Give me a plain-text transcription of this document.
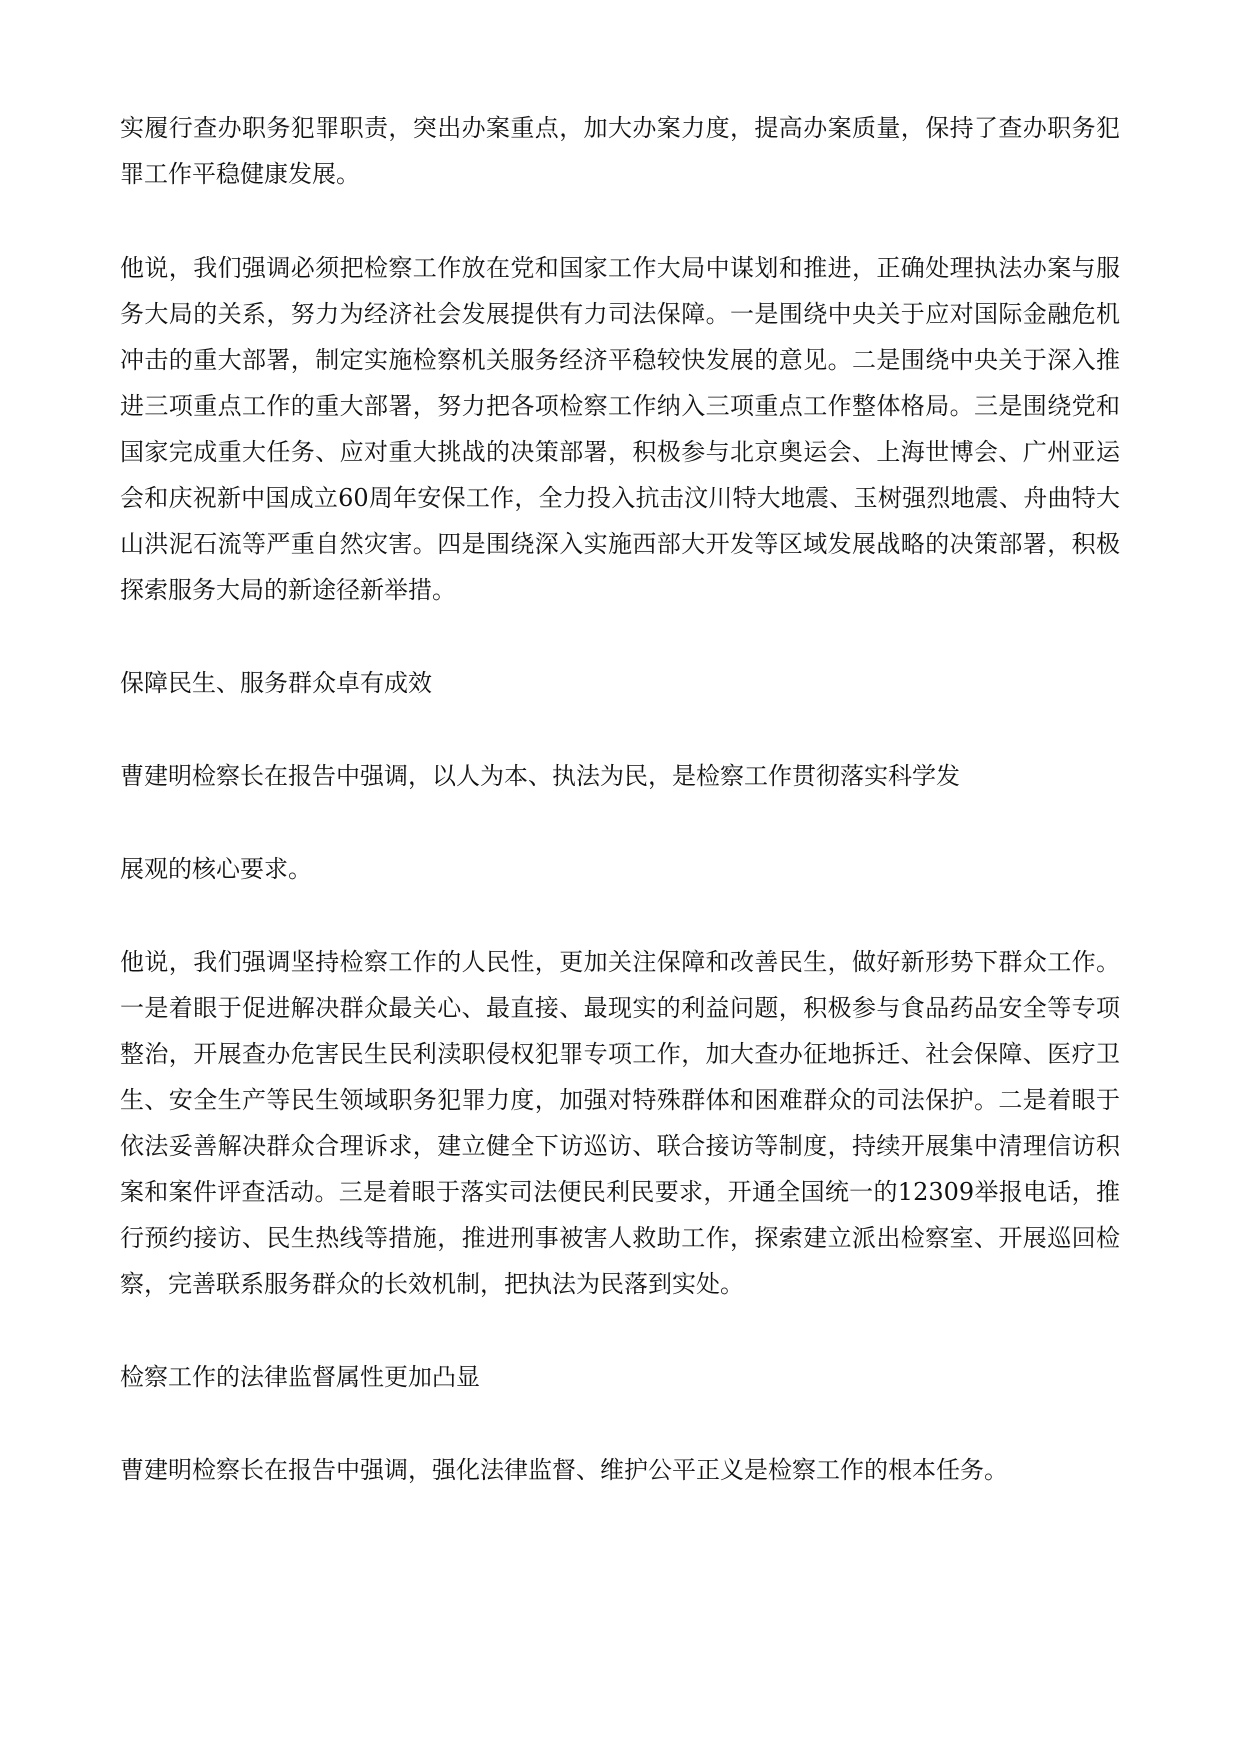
实履行查办职务犯罪职责，突出办案重点，加大办案力度，提高办案质量，保持了查办职务犯罪工作平稳健康发展。

他说，我们强调必须把检察工作放在党和国家工作大局中谋划和推进，正确处理执法办案与服务大局的关系，努力为经济社会发展提供有力司法保障。一是围绕中央关于应对国际金融危机冲击的重大部署，制定实施检察机关服务经济平稳较快发展的意见。二是围绕中央关于深入推进三项重点工作的重大部署，努力把各项检察工作纳入三项重点工作整体格局。三是围绕党和国家完成重大任务、应对重大挑战的决策部署，积极参与北京奥运会、上海世博会、广州亚运会和庆祝新中国成立60周年安保工作，全力投入抗击汶川特大地震、玉树强烈地震、舟曲特大山洪泥石流等严重自然灾害。四是围绕深入实施西部大开发等区域发展战略的决策部署，积极探索服务大局的新途径新举措。

保障民生、服务群众卓有成效

曹建明检察长在报告中强调，以人为本、执法为民，是检察工作贯彻落实科学发

展观的核心要求。

他说，我们强调坚持检察工作的人民性，更加关注保障和改善民生，做好新形势下群众工作。一是着眼于促进解决群众最关心、最直接、最现实的利益问题，积极参与食品药品安全等专项整治，开展查办危害民生民利渎职侵权犯罪专项工作，加大查办征地拆迁、社会保障、医疗卫生、安全生产等民生领域职务犯罪力度，加强对特殊群体和困难群众的司法保护。二是着眼于依法妥善解决群众合理诉求，建立健全下访巡访、联合接访等制度，持续开展集中清理信访积案和案件评查活动。三是着眼于落实司法便民利民要求，开通全国统一的12309举报电话，推行预约接访、民生热线等措施，推进刑事被害人救助工作，探索建立派出检察室、开展巡回检察，完善联系服务群众的长效机制，把执法为民落到实处。

检察工作的法律监督属性更加凸显

曹建明检察长在报告中强调，强化法律监督、维护公平正义是检察工作的根本任务。
